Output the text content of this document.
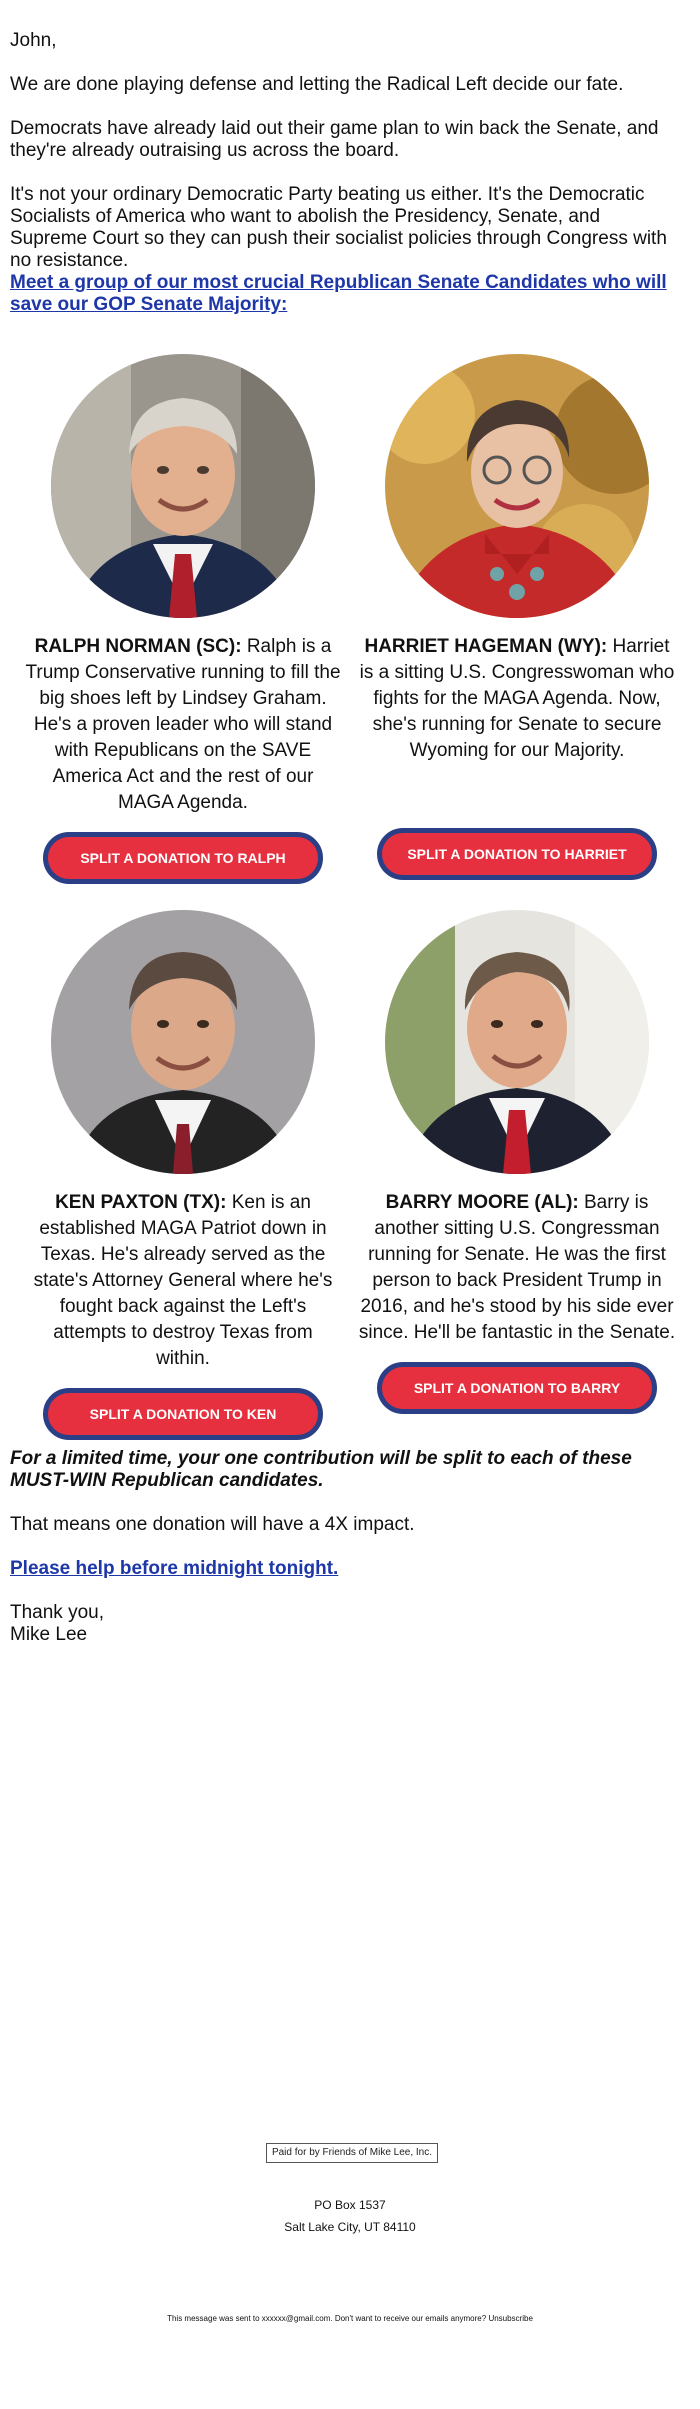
John,

We are done playing defense and letting the Radical Left decide our fate.

Democrats have already laid out their game plan to win back the Senate, and they're already outraising us across the board.

It's not your ordinary Democratic Party beating us either. It's the Democratic Socialists of America who want to abolish the Presidency, Senate, and Supreme Court so they can push their socialist policies through Congress with no resistance.

Meet a group of our most crucial Republican Senate Candidates who will save our GOP Senate Majority:
RALPH NORMAN (SC): Ralph is a Trump Conservative running to fill the big shoes left by Lindsey Graham. He's a proven leader who will stand with Republicans on the SAVE America Act and the rest of our MAGA Agenda.
SPLIT A DONATION TO RALPH
HARRIET HAGEMAN (WY): Harriet is a sitting U.S. Congresswoman who fights for the MAGA Agenda. Now, she's running for Senate to secure Wyoming for our Majority.
SPLIT A DONATION TO HARRIET
KEN PAXTON (TX): Ken is an established MAGA Patriot down in Texas. He's already served as the state's Attorney General where he's fought back against the Left's attempts to destroy Texas from within.
SPLIT A DONATION TO KEN
BARRY MOORE (AL): Barry is another sitting U.S. Congressman running for Senate. He was the first person to back President Trump in 2016, and he's stood by his side ever since. He'll be fantastic in the Senate.
SPLIT A DONATION TO BARRY

For a limited time, your one contribution will be split to each of these MUST-WIN Republican candidates.

That means one donation will have a 4X impact.

Please help before midnight tonight.

Thank you,

Mike Lee

Paid for by Friends of Mike Lee, Inc.
PO Box 1537
Salt Lake City, UT 84110
This message was sent to xxxxxx@gmail.com. Don't want to receive our emails anymore? Unsubscribe
